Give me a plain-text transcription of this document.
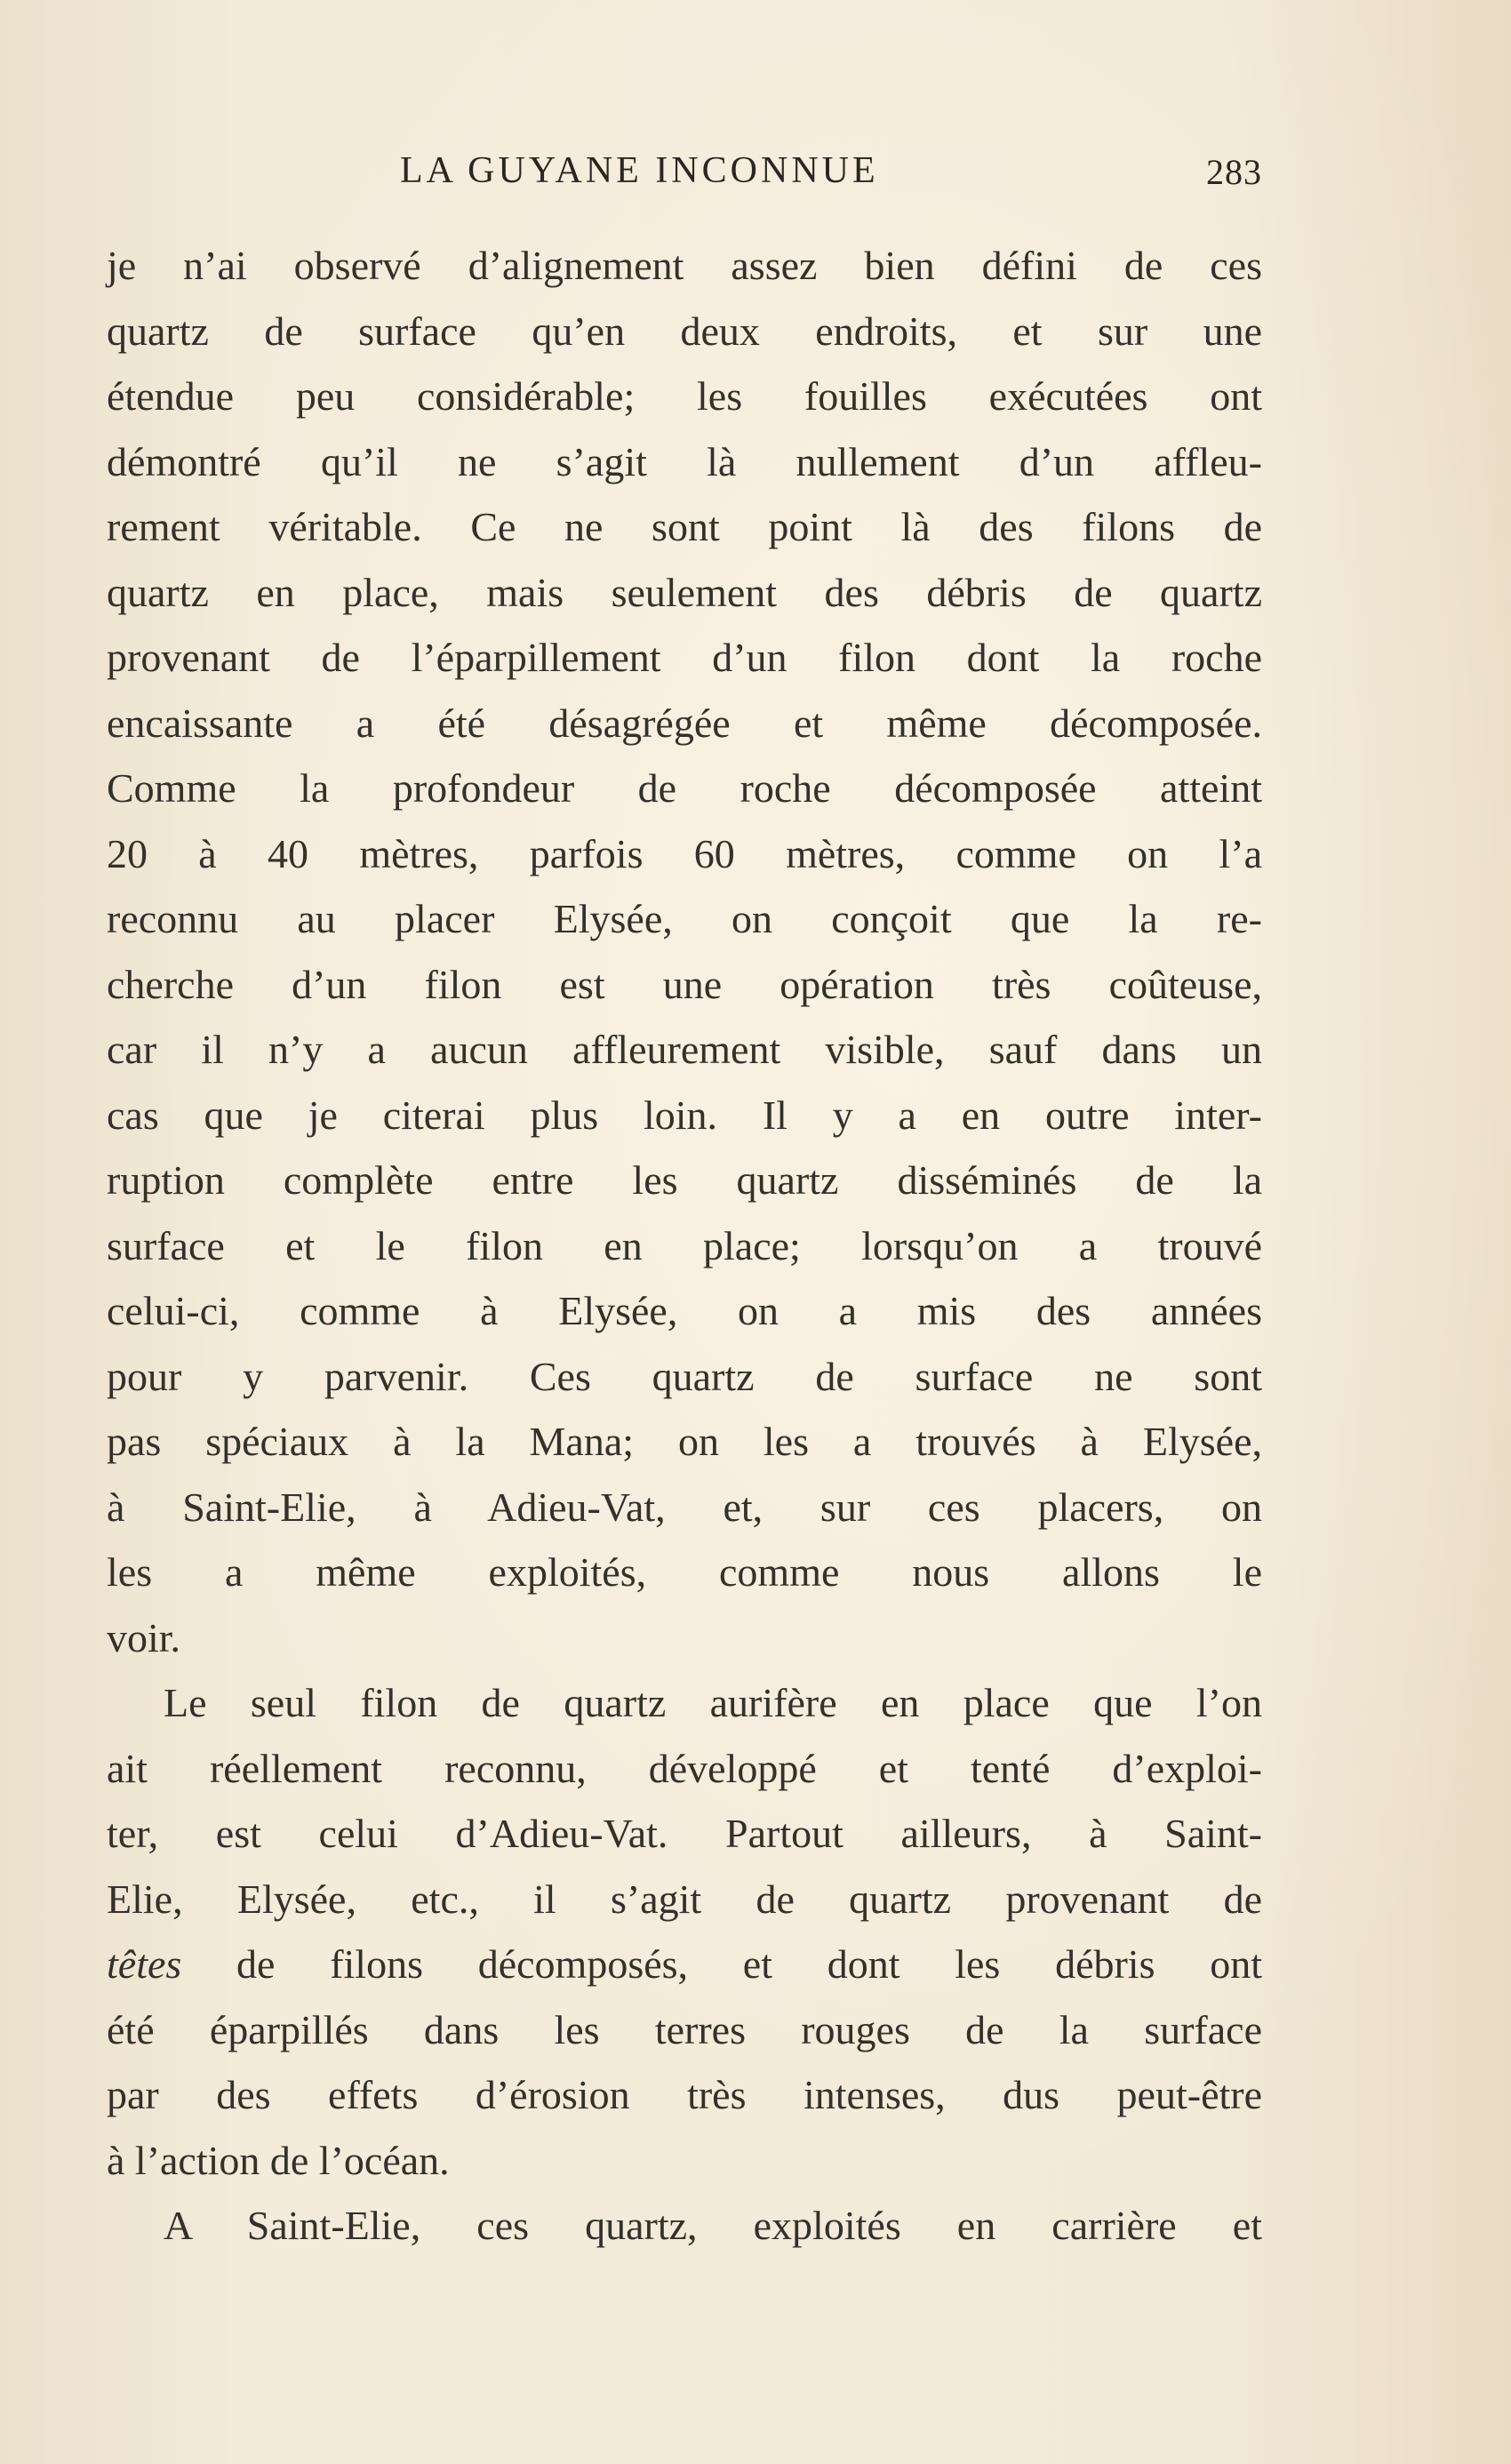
LA GUYANE INCONNUE	283
je n’ai observé d’alignement assez bien défini de ces
quartz de surface qu’en deux endroits, et sur une
étendue peu considérable; les fouilles exécutées ont
démontré qu’il ne s’agit là nullement d’un affleu-
rement véritable. Ce ne sont point là des filons de
quartz en place, mais seulement des débris de quartz
provenant de l’éparpillement d’un filon dont la roche
encaissante a été désagrégée et même décomposée.
Comme la profondeur de roche décomposée atteint
20 à 40 mètres, parfois 60 mètres, comme on l’a
reconnu au placer Elysée, on conçoit que la re-
cherche d’un filon est une opération très coûteuse,
car il n’y a aucun affleurement visible, sauf dans un
cas que je citerai plus loin. Il y a en outre inter-
ruption complète entre les quartz disséminés de la
surface et le filon en place; lorsqu’on a trouvé
celui-ci, comme à Elysée, on a mis des années
pour y parvenir. Ces quartz de surface ne sont
pas spéciaux à la Mana; on les a trouvés à Elysée,
à Saint-Elie, à Adieu-Vat, et, sur ces placers, on
les a même exploités, comme nous allons le
voir.
Le seul filon de quartz aurifère en place que l’on
ait réellement reconnu, développé et tenté d’exploi-
ter, est celui d’Adieu-Vat. Partout ailleurs, à Saint-
Elie, Elysée, etc., il s’agit de quartz provenant de
têtes de filons décomposés, et dont les débris ont
été éparpillés dans les terres rouges de la surface
par des effets d’érosion très intenses, dus peut-être
à l’action de l’océan.
A Saint-Elie, ces quartz, exploités en carrière et
